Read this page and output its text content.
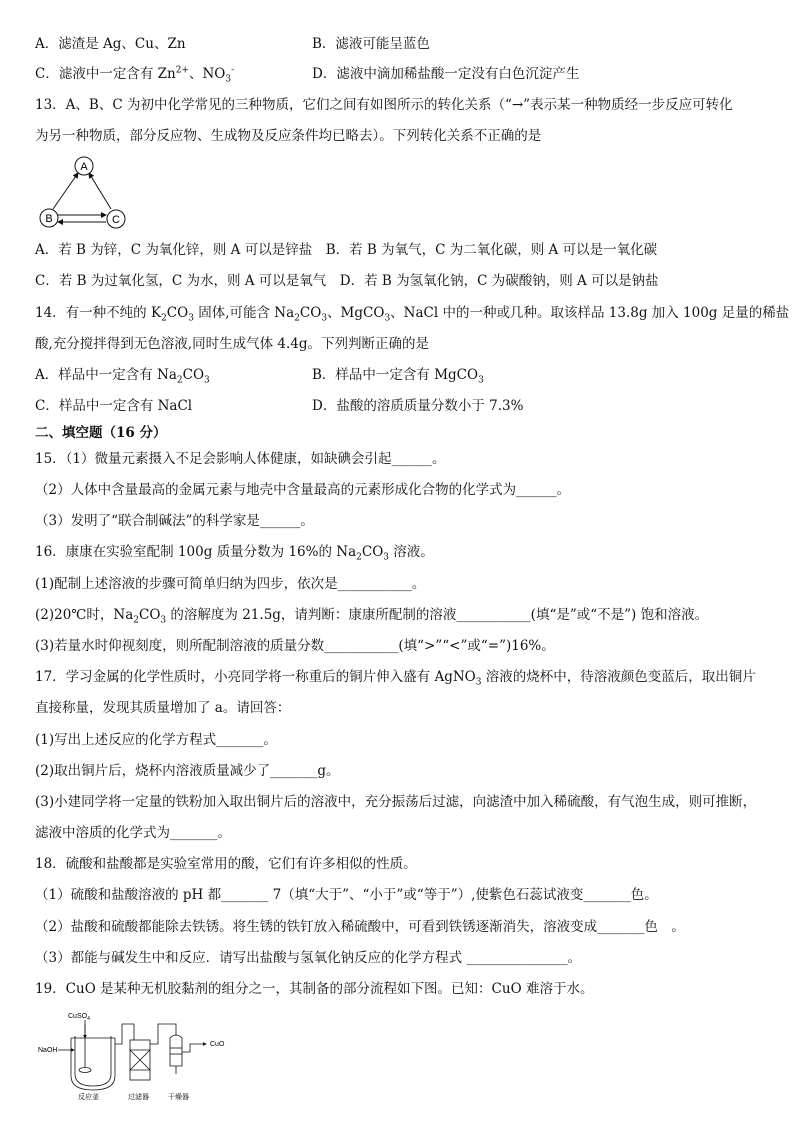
A．滤渣是 Ag、Cu、Zn	B．滤液可能呈蓝色
C．滤液中一定含有 $Zn^{2+}$、$NO_3^-$	D．滤液中滴加稀盐酸一定没有白色沉淀产生
13．A、B、C 为初中化学常见的三种物质，它们之间有如图所示的转化关系（“→”表示某一种物质经一步反应可转化
为另一种物质，部分反应物、生成物及反应条件均已略去）。下列转化关系不正确的是
A
B	C
A．若 B 为锌，C 为氧化锌，则 A 可以是锌盐　B．若 B 为氧气，C 为二氧化碳，则 A 可以是一氧化碳
C．若 B 为过氧化氢，C 为水，则 A 可以是氧气　D．若 B 为氢氧化钠，C 为碳酸钠，则 A 可以是钠盐
14．有一种不纯的 $K_2CO_3$ 固体,可能含 $Na_2CO_3$、MgCO$_3$、NaCl 中的一种或几种。取该样品 13.8g 加入 100g 足量的稀盐
酸,充分搅拌得到无色溶液,同时生成气体 4.4g。下列判断正确的是
A．样品中一定含有 $Na_2CO_3$	B．样品中一定含有 MgCO$_3$
C．样品中一定含有 NaCl	D．盐酸的溶质质量分数小于 7.3%
二、填空题（16 分）
15．（1）微量元素摄入不足会影响人体健康，如缺碘会引起______。
（2）人体中含量最高的金属元素与地壳中含量最高的元素形成化合物的化学式为______。
（3）发明了“联合制碱法”的科学家是______。
16．康康在实验室配制 100g 质量分数为 16%的 $Na_2CO_3$ 溶液。
(1)配制上述溶液的步骤可简单归纳为四步，依次是___________。
(2)20℃时，$Na_2CO_3$ 的溶解度为 21.5g，请判断：康康所配制的溶液___________(填“是”或“不是”) 饱和溶液。
(3)若量水时仰视刻度，则所配制溶液的质量分数___________(填“>”“<”或“=”)16%。
17．学习金属的化学性质时，小亮同学将一称重后的铜片伸入盛有 AgNO$_3$ 溶液的烧杯中，待溶液颜色变蓝后，取出铜片
直接称量，发现其质量增加了 a。请回答：
(1)写出上述反应的化学方程式_______。
(2)取出铜片后，烧杯内溶液质量减少了_______g。
(3)小建同学将一定量的铁粉加入取出铜片后的溶液中，充分振荡后过滤，向滤渣中加入稀硫酸，有气泡生成，则可推断，
滤液中溶质的化学式为_______。
18．硫酸和盐酸都是实验室常用的酸，它们有许多相似的性质。
（1）硫酸和盐酸溶液的 pH 都_______ 7（填“大于”、“小于”或“等于”）,使紫色石蕊试液变_______色。
（2）盐酸和硫酸都能除去铁锈。将生锈的铁钉放入稀硫酸中，可看到铁锈逐渐消失，溶液变成_______色　。
（3）都能与碱发生中和反应．请写出盐酸与氢氧化钠反应的化学方程式 _______________。
19．CuO 是某种无机胶黏剂的组分之一，其制备的部分流程如下图。已知：CuO 难溶于水。
CuSO$_4$
NaOH
CuO
反应釜	过滤器	干燥器
